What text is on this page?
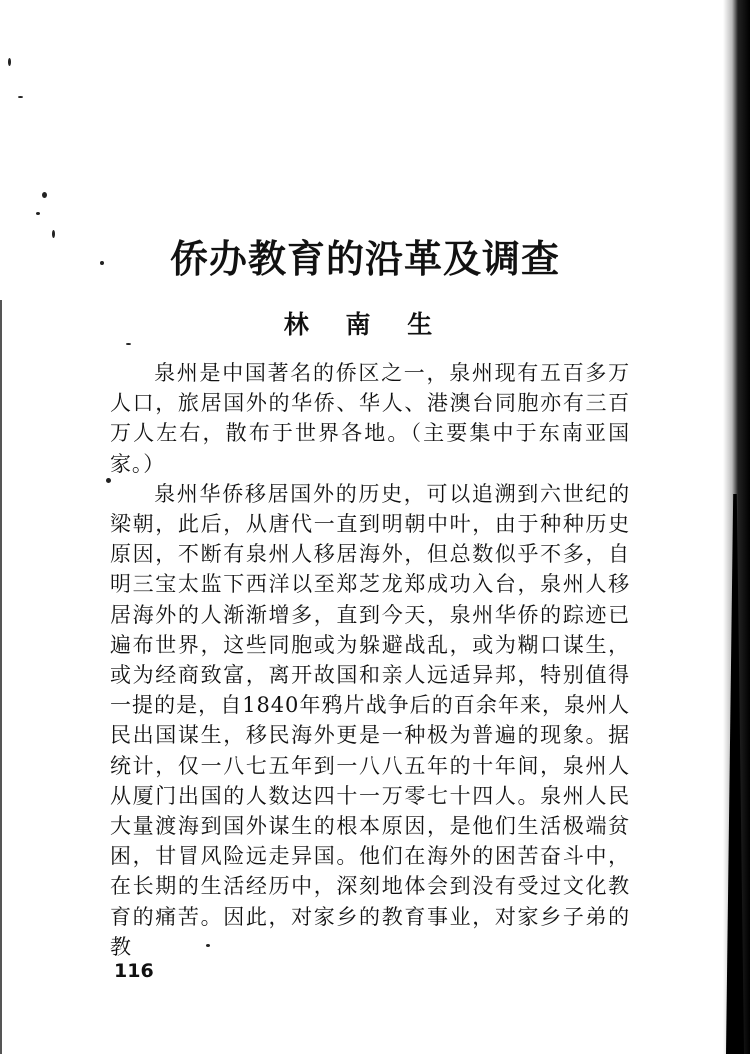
侨办教育的沿革及调查
林 南 生

泉州是中国著名的侨区之一，泉州现有五百多万人口，旅居国外的华侨、华人、港澳台同胞亦有三百万人左右，散布于世界各地。（主要集中于东南亚国家。）

泉州华侨移居国外的历史，可以追溯到六世纪的梁朝，此后，从唐代一直到明朝中叶，由于种种历史原因，不断有泉州人移居海外，但总数似乎不多，自明三宝太监下西洋以至郑芝龙郑成功入台，泉州人移居海外的人渐渐增多，直到今天，泉州华侨的踪迹已遍布世界，这些同胞或为躲避战乱，或为糊口谋生，或为经商致富，离开故国和亲人远适异邦，特别值得一提的是，自1840年鸦片战争后的百余年来，泉州人民出国谋生，移民海外更是一种极为普遍的现象。据统计，仅一八七五年到一八八五年的十年间，泉州人从厦门出国的人数达四十一万零七十四人。泉州人民大量渡海到国外谋生的根本原因，是他们生活极端贫困，甘冒风险远走异国。他们在海外的困苦奋斗中，在长期的生活经历中，深刻地体会到没有受过文化教育的痛苦。因此，对家乡的教育事业，对家乡子弟的教

116
